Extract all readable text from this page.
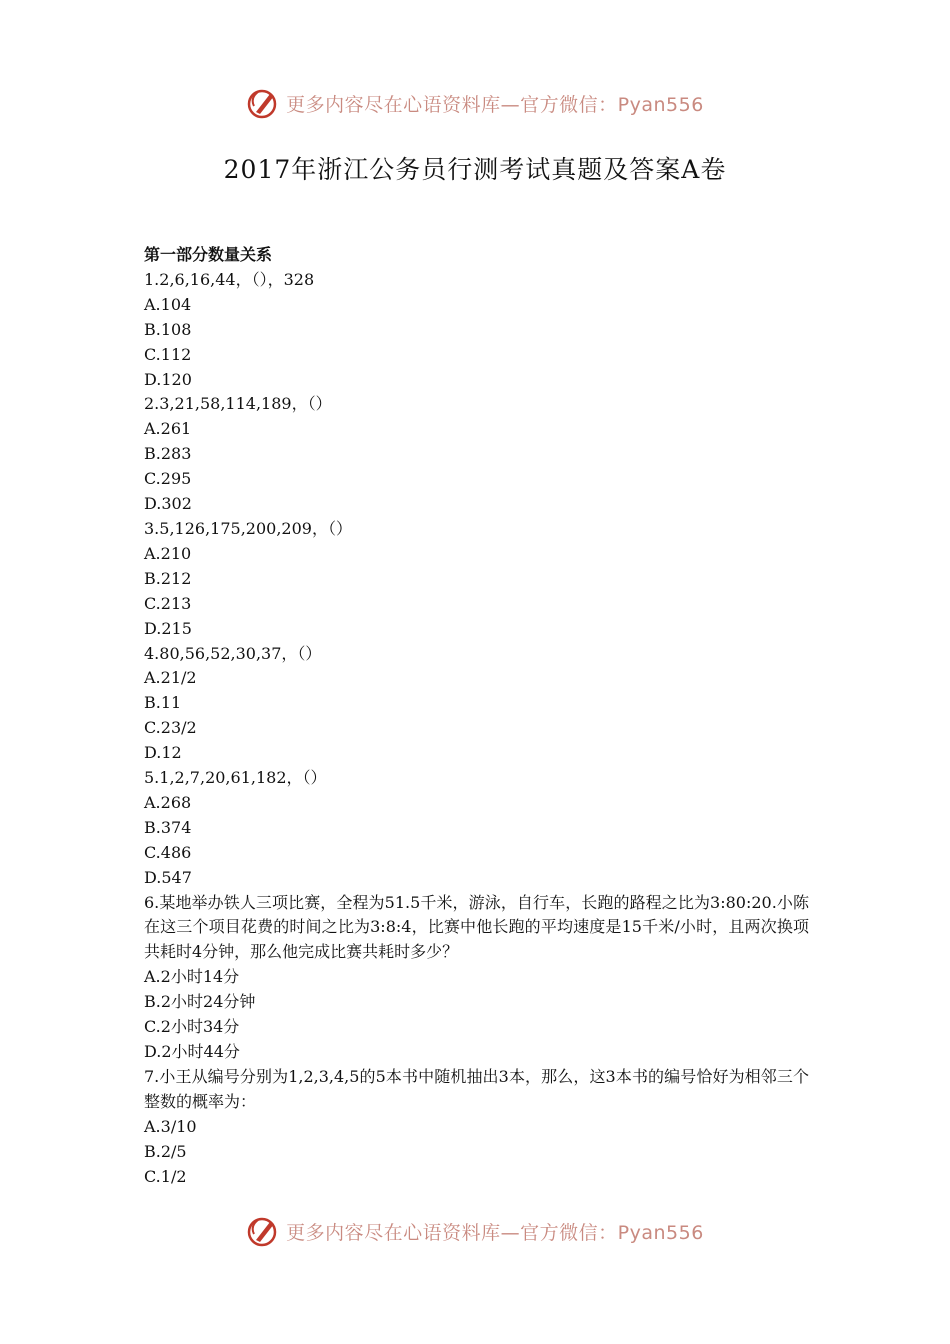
更多内容尽在心语资料库—官方微信：Pyan556
2017年浙江公务员行测考试真题及答案A卷
第一部分数量关系
1.2,6,16,44，（），328
A.104
B.108
C.112
D.120
2.3,21,58,114,189，（）
A.261
B.283
C.295
D.302
3.5,126,175,200,209，（）
A.210
B.212
C.213
D.215
4.80,56,52,30,37，（）
A.21/2
B.11
C.23/2
D.12
5.1,2,7,20,61,182，（）
A.268
B.374
C.486
D.547
6.某地举办铁人三项比赛，全程为51.5千米，游泳，自行车，长跑的路程之比为3:80:20.小陈在这三个项目花费的时间之比为3:8:4，比赛中他长跑的平均速度是15千米/小时，且两次换项共耗时4分钟，那么他完成比赛共耗时多少？
A.2小时14分
B.2小时24分钟
C.2小时34分
D.2小时44分
7.小王从编号分别为1,2,3,4,5的5本书中随机抽出3本，那么，这3本书的编号恰好为相邻三个整数的概率为：
A.3/10
B.2/5
C.1/2
更多内容尽在心语资料库—官方微信：Pyan556
